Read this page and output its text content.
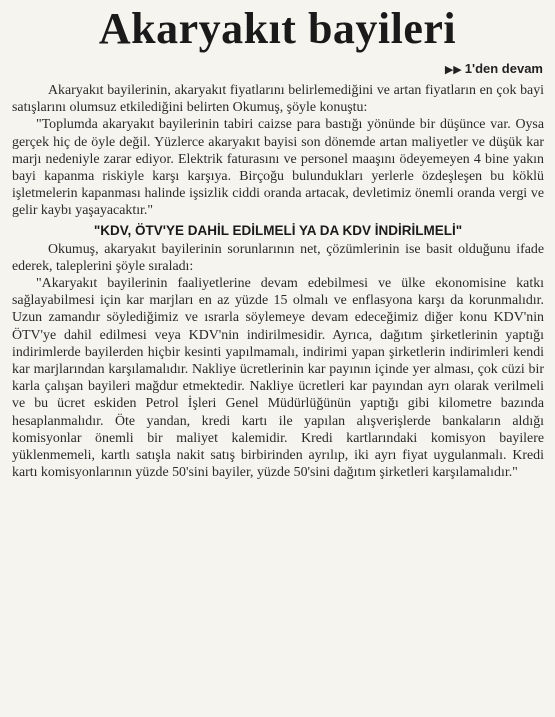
Akaryakıt bayileri
▶▶ 1'den devam

Akaryakıt bayilerinin, akaryakıt fiyatlarını belirlemediğini ve artan fiyatların en çok bayi satışlarını olumsuz etkilediğini belirten Okumuş, şöyle konuştu:

"Toplumda akaryakıt bayilerinin tabiri caizse para bastığı yönünde bir düşünce var. Oysa gerçek hiç de öyle değil. Yüzlerce akaryakıt bayisi son dönemde artan maliyetler ve düşük kar marjı nedeniyle zarar ediyor. Elektrik faturasını ve personel maaşını ödeyemeyen 4 bine yakın bayi kapanma riskiyle karşı karşıya. Birçoğu bulundukları yerlerle özdeşleşen bu köklü işletmelerin kapanması halinde işsizlik ciddi oranda artacak, devletimiz önemli oranda vergi ve gelir kaybı yaşayacaktır."

"KDV, ÖTV'YE DAHİL EDİLMELİ YA DA KDV İNDİRİLMELİ"

Okumuş, akaryakıt bayilerinin sorunlarının net, çözümlerinin ise basit olduğunu ifade ederek, taleplerini şöyle sıraladı:

"Akaryakıt bayilerinin faaliyetlerine devam edebilmesi ve ülke ekonomisine katkı sağlayabilmesi için kar marjları en az yüzde 15 olmalı ve enflasyona karşı da korunmalıdır. Uzun zamandır söylediğimiz ve ısrarla söylemeye devam edeceğimiz diğer konu KDV'nin ÖTV'ye dahil edilmesi veya KDV'nin indirilmesidir. Ayrıca, dağıtım şirketlerinin yaptığı indirimlerde bayilerden hiçbir kesinti yapılmamalı, indirimi yapan şirketlerin indirimleri kendi kar marjlarından karşılamalıdır. Nakliye ücretlerinin kar payının içinde yer alması, çok cüzi bir karla çalışan bayileri mağdur etmektedir. Nakliye ücretleri kar payından ayrı olarak verilmeli ve bu ücret eskiden Petrol İşleri Genel Müdürlüğünün yaptığı gibi kilometre bazında hesaplanmalıdır. Öte yandan, kredi kartı ile yapılan alışverişlerde bankaların aldığı komisyonlar önemli bir maliyet kalemidir. Kredi kartlarındaki komisyon bayilere yüklenmemeli, kartlı satışla nakit satış birbirinden ayrılıp, iki ayrı fiyat uygulanmalı. Kredi kartı komisyonlarının yüzde 50'sini bayiler, yüzde 50'sini dağıtım şirketleri karşılamalıdır."
